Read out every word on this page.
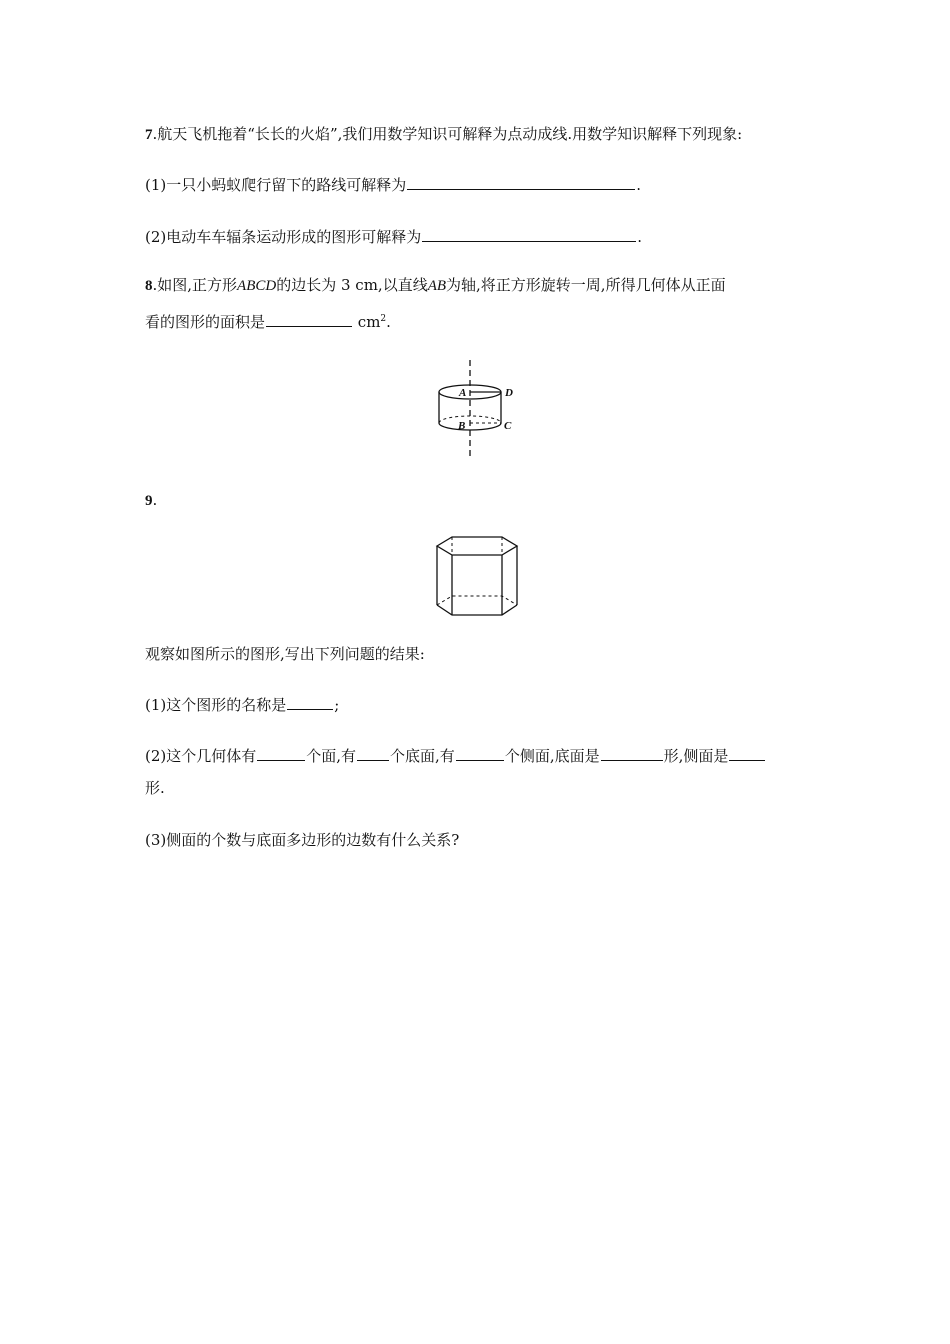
7.航天飞机拖着“长长的火焰”,我们用数学知识可解释为点动成线.用数学知识解释下列现象:
(1)一只小蚂蚁爬行留下的路线可解释为	.
(2)电动车车辐条运动形成的图形可解释为	.
8.如图,正方形ABCD的边长为 3 cm,以直线AB为轴,将正方形旋转一周,所得几何体从正面
看的图形的面积是	$cm^2$.
A	D
B	C
9.
观察如图所示的图形,写出下列问题的结果:
(1)这个图形的名称是	;
(2)这个几何体有	个面,有 个底面,有	个侧面,底面是	形,侧面是
形.
(3)侧面的个数与底面多边形的边数有什么关系?
